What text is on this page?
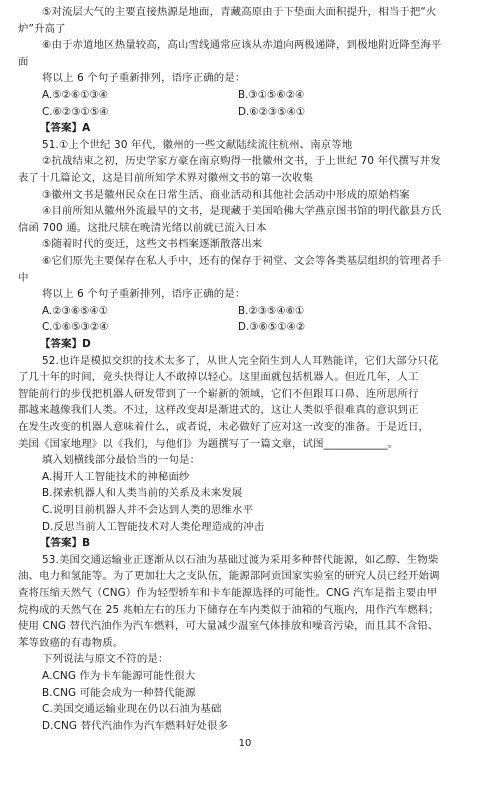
⑤对流层大气的主要直接热源是地面，青藏高原由于下垫面大面积提升，相当于把“火
炉”升高了
⑥由于赤道地区热量较高，高山雪线通常应该从赤道向两极递降，到极地附近降至海平
面
将以上 6 个句子重新排列，语序正确的是：
A.⑤②⑥①③④	B.③①⑤⑥②④
C.⑥②③①⑤④	D.⑥②③⑤④①
【答案】A
51.①上个世纪 30 年代，徽州的一些文献陆续流往杭州、南京等地
②抗战结束之初，历史学家方豪在南京购得一批徽州文书，于上世纪 70 年代撰写并发
表了十几篇论文，这是目前所知学术界对徽州文书的第一次收集
③徽州文书是徽州民众在日常生活、商业活动和其他社会活动中形成的原始档案
④目前所知从徽州外流最早的文书，是现藏于美国哈佛大学燕京图书馆的明代歙县方氏
信函 700 通。这批尺牍在晚清光绪以前就已流入日本
⑤随着时代的变迁，这些文书档案逐渐散落出来
⑥它们原先主要保存在私人手中，还有的保存于祠堂、文会等各类基层组织的管理者手
中
将以上 6 个句子重新排列，语序正确的是：
A.②③⑥⑤④①	B.②③⑤④⑥①
C.①⑥⑤③②④	D.③⑥⑤①④②
【答案】D
52.也许是模拟交织的技术太多了，从世人完全陌生到人人耳熟能详，它们大部分只花
了几十年的时间，竟头快得让人不敢掉以轻心。这里面就包括机器人。但近几年，人工
智能前行的步伐把机器人研发带到了一个崭新的领域，它们不但跟耳口鼻、连所思所行
都越来越像我们人类。不过，这样改变却是渐进式的，这让人类似乎很难真的意识到正
在发生改变的机器人意味着什么，或者说，未必做好了应对这一改变的准备。于是近日，
美国《国家地理》以《我们，与他们》为题撰写了一篇文章，试图____________。
填入划横线部分最恰当的一句是：
A.揭开人工智能技术的神秘面纱
B.探索机器人和人类当前的关系及未来发展
C.说明目前机器人并不会达到人类的思维水平
D.反思当前人工智能技术对人类伦理造成的冲击
【答案】B
53.美国交通运输业正逐渐从以石油为基础过渡为采用多种替代能源，如乙醇、生物柴
油、电力和氢能等。为了更加壮大之支队伍，能源部阿贡国家实验室的研究人员已经开始调
查将压缩天然气（CNG）作为轻型轿车和卡车能源选择的可能性。CNG 汽车是指主要由甲
烷构成的天然气在 25 兆帕左右的压力下储存在车内类似于油箱的气瓶内，用作汽车燃料；
使用 CNG 替代汽油作为汽车燃料，可大量减少温室气体排放和噪音污染，而且其不含铅、
苯等致癌的有毒物质。
下列说法与原文不符的是：
A.CNG 作为卡车能源可能性很大
B.CNG 可能会成为一种替代能源
C.美国交通运输业现在仍以石油为基础
D.CNG 替代汽油作为汽车燃料好处很多
10
